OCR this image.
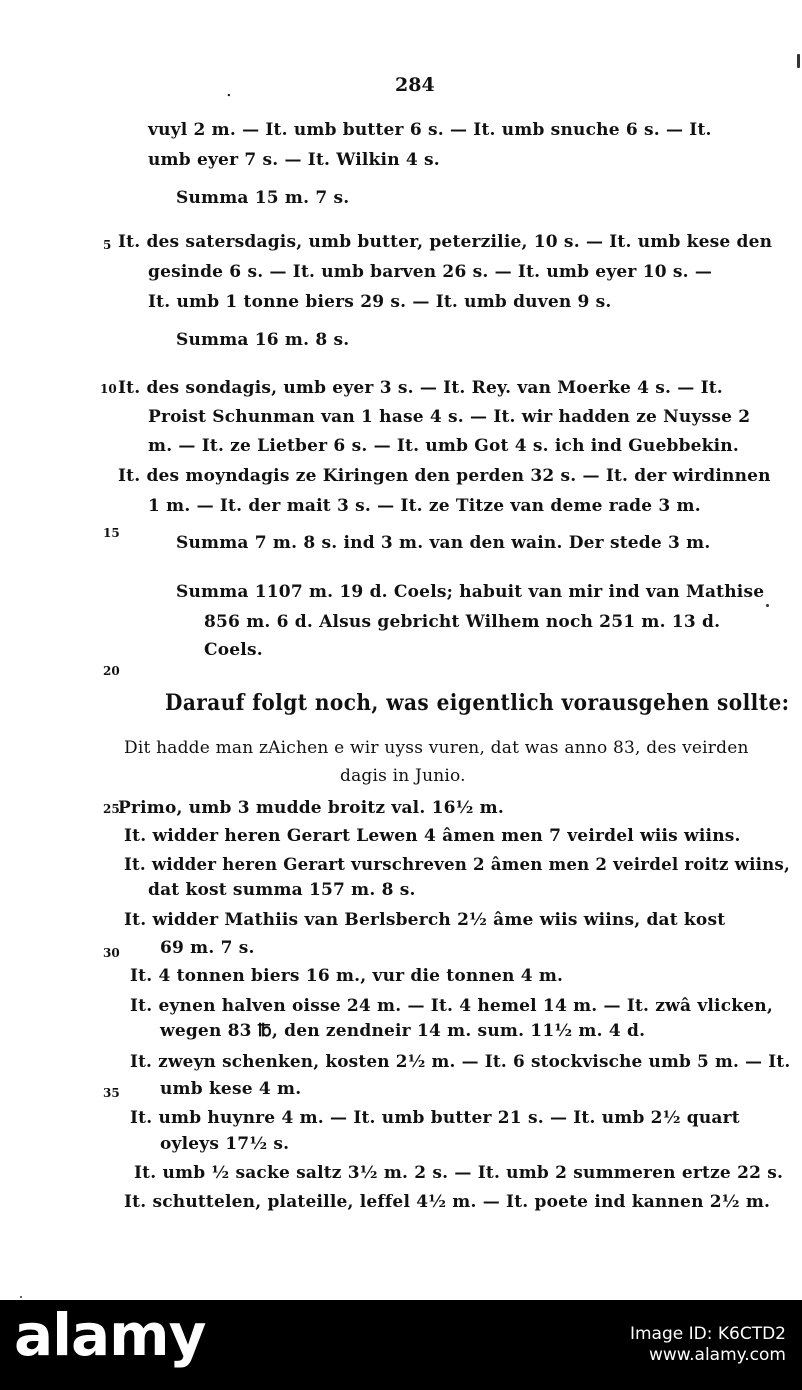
.	284
vuyl 2 m. — It. umb butter 6 s. — It. umb snuche 6 s. — It.
umb eyer 7 s. — It. Wilkin 4 s.
Summa 15 m. 7 s.
5 It. des satersdagis, umb butter, peterzilie, 10 s. — It. umb kese den
gesinde 6 s. — It. umb barven 26 s. — It. umb eyer 10 s. —
It. umb 1 tonne biers 29 s. — It. umb duven 9 s.
Summa 16 m. 8 s.
10 It. des sondagis, umb eyer 3 s. — It. Rey. van Moerke 4 s. — It.
Proist Schunman van 1 hase 4 s. — It. wir hadden ze Nuysse 2
m. — It. ze Lietber 6 s. — It. umb Got 4 s. ich ind Guebbekin.
It. des moyndagis ze Kiringen den perden 32 s. — It. der wirdinnen
1 m. — It. der mait 3 s. — It. ze Titze van deme rade 3 m.
15	Summa 7 m. 8 s. ind 3 m. van den wain. Der stede 3 m.
Summa 1107 m. 19 d. Coels; habuit van mir ind van Mathise
856 m. 6 d. Alsus gebricht Wilhem noch 251 m. 13 d.
Coels.
20
Darauf folgt noch, was eigentlich vorausgehen sollte:
Dit hadde man zAichen e wir uyss vuren, dat was anno 83, des veirden
dagis in Junio.
25
Primo, umb 3 mudde broitz val. 16½ m.
It. widder heren Gerart Lewen 4 âmen men 7 veirdel wiis wiins.
It. widder heren Gerart vurschreven 2 âmen men 2 veirdel roitz wiins,
dat kost summa 157 m. 8 s.
It. widder Mathiis van Berlsberch 2½ âme wiis wiins, dat kost
30 69 m. 7 s.
It. 4 tonnen biers 16 m., vur die tonnen 4 m.
It. eynen halven oisse 24 m. — It. 4 hemel 14 m. — It. zwâ vlicken,
wegen 83 ℔, den zendneir 14 m. sum. 11½ m. 4 d.
It. zweyn schenken, kosten 2½ m. — It. 6 stockvische umb 5 m. — It.
35 umb kese 4 m.
It. umb huynre 4 m. — It. umb butter 21 s. — It. umb 2½ quart
oyleys 17½ s.
It. umb ½ sacke saltz 3½ m. 2 s. — It. umb 2 summeren ertze 22 s.
It. schuttelen, plateille, leffel 4½ m. — It. poete ind kannen 2½ m.
alamy	Image ID: K6CTD2
www.alamy.com
